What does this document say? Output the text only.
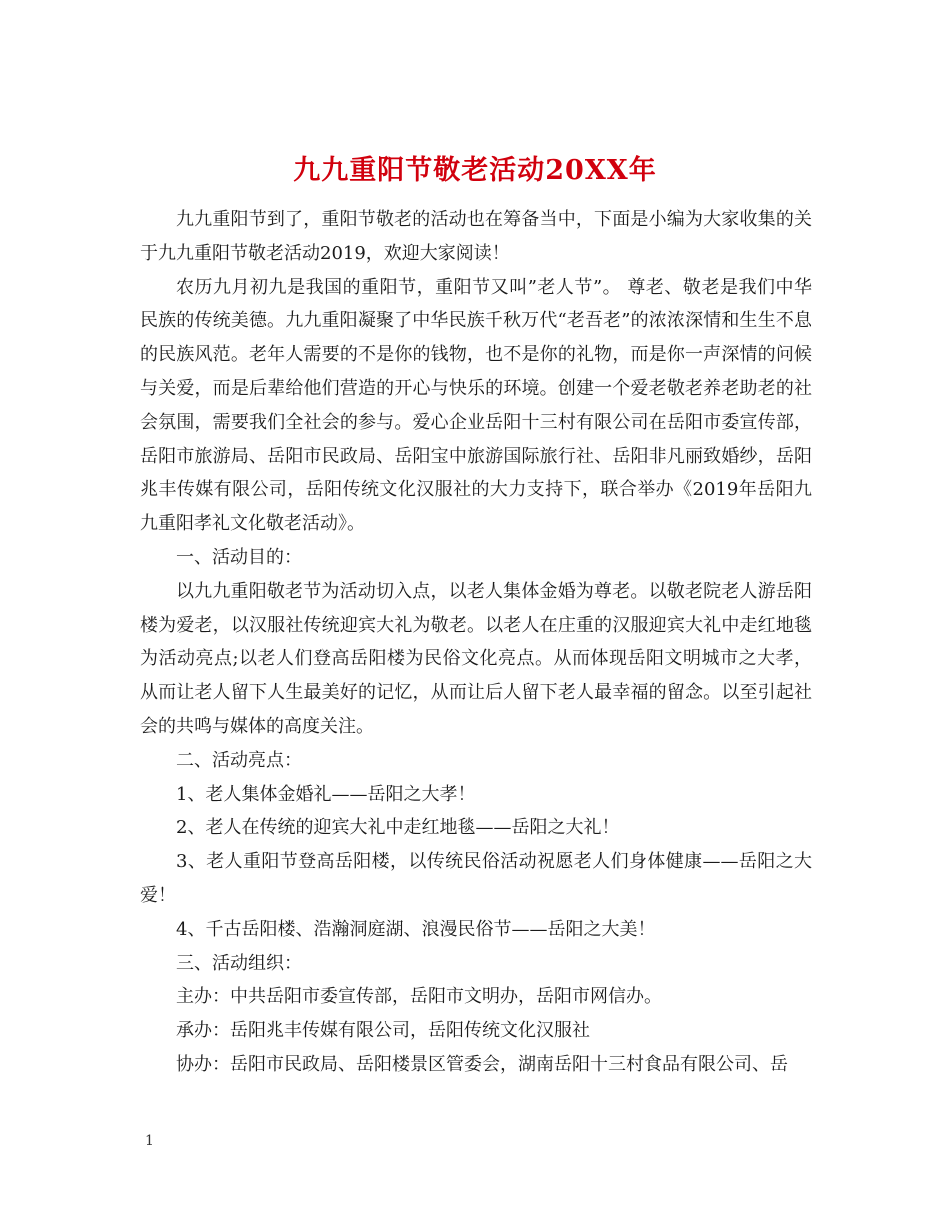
九九重阳节敬老活动20XX年

九九重阳节到了，重阳节敬老的活动也在筹备当中，下面是小编为大家收集的关于九九重阳节敬老活动2019，欢迎大家阅读！

农历九月初九是我国的重阳节，重阳节又叫”老人节”。 尊老、敬老是我们中华民族的传统美德。九九重阳凝聚了中华民族千秋万代“老吾老”的浓浓深情和生生不息的民族风范。老年人需要的不是你的钱物，也不是你的礼物，而是你一声深情的问候与关爱，而是后辈给他们营造的开心与快乐的环境。创建一个爱老敬老养老助老的社会氛围，需要我们全社会的参与。爱心企业岳阳十三村有限公司在岳阳市委宣传部，岳阳市旅游局、岳阳市民政局、岳阳宝中旅游国际旅行社、岳阳非凡丽致婚纱，岳阳兆丰传媒有限公司，岳阳传统文化汉服社的大力支持下，联合举办《2019年岳阳九九重阳孝礼文化敬老活动》。

一、活动目的：

以九九重阳敬老节为活动切入点，以老人集体金婚为尊老。以敬老院老人游岳阳楼为爱老，以汉服社传统迎宾大礼为敬老。以老人在庄重的汉服迎宾大礼中走红地毯为活动亮点;以老人们登高岳阳楼为民俗文化亮点。从而体现岳阳文明城市之大孝，从而让老人留下人生最美好的记忆，从而让后人留下老人最幸福的留念。以至引起社会的共鸣与媒体的高度关注。

二、活动亮点：

1、老人集体金婚礼——岳阳之大孝！

2、老人在传统的迎宾大礼中走红地毯——岳阳之大礼！

3、老人重阳节登高岳阳楼，以传统民俗活动祝愿老人们身体健康——岳阳之大爱！

4、千古岳阳楼、浩瀚洞庭湖、浪漫民俗节——岳阳之大美！

三、活动组织：

主办：中共岳阳市委宣传部，岳阳市文明办，岳阳市网信办。

承办：岳阳兆丰传媒有限公司，岳阳传统文化汉服社

协办：岳阳市民政局、岳阳楼景区管委会，湖南岳阳十三村食品有限公司、岳

1
